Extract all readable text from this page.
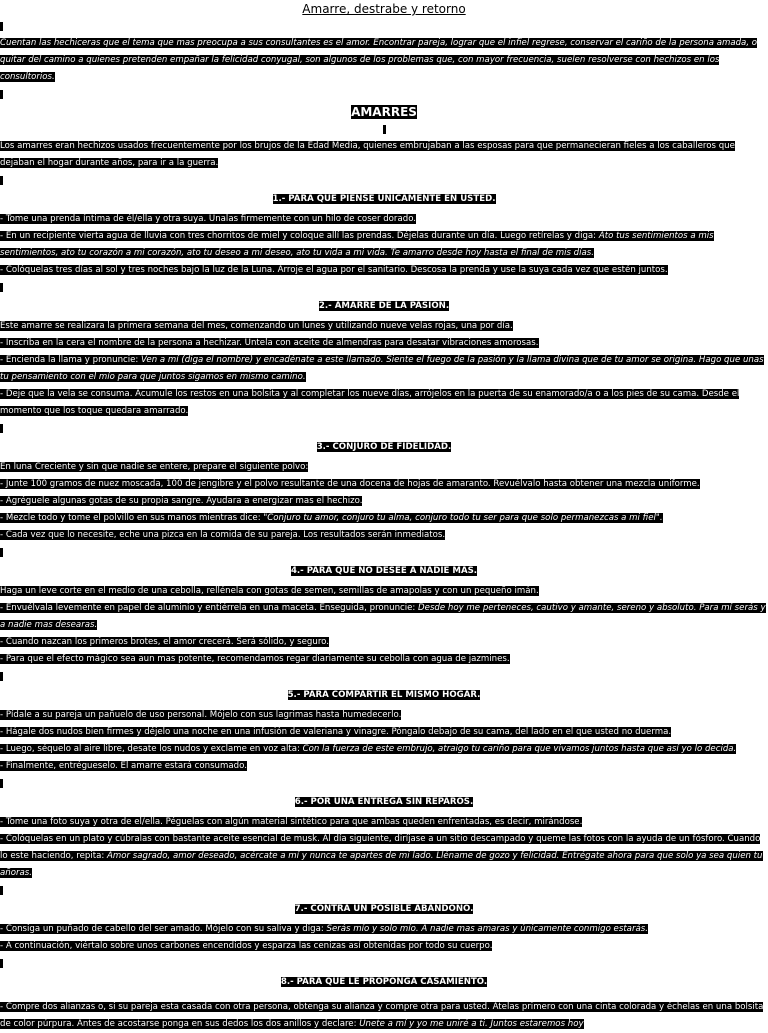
Amarre, destrabe y retorno

Cuentan las hechiceras que el tema que mas preocupa a sus consultantes es el amor. Encontrar pareja, lograr que el infiel regrese, conservar el cariño de la persona amada, o quitar del camino a quienes pretenden empañar la felicidad conyugal, son algunos de los problemas que, con mayor frecuencia, suelen resolverse con hechizos en los consultorios.

AMARRES

Los amarres eran hechizos usados frecuentemente por los brujos de la Edad Media, quienes embrujaban a las esposas para que permanecieran fieles a los caballeros que dejaban el hogar durante años, para ir a la guerra.

1.- PARA QUE PIENSE ÚNICAMENTE EN USTED.

- Tome una prenda íntima de él/ella y otra suya. Unalas firmemente con un hilo de coser dorado.

- En un recipiente vierta agua de lluvia con tres chorritos de miel y coloque allí las prendas. Déjelas durante un día. Luego retírelas y diga: Ato tus sentimientos a mis sentimientos, ato tu corazón a mi corazón, ato tu deseo a mi deseo, ato tu vida a mi vida. Te amarro desde hoy hasta el final de mis días.

- Colóquelas tres días al sol y tres noches bajo la luz de la Luna. Arroje el agua por el sanitario. Descosa la prenda y use la suya cada vez que estén juntos.

2.- AMARRE DE LA PASIÓN.

Este amarre se realizara la primera semana del mes, comenzando un lunes y utilizando nueve velas rojas, una por día.

- Inscriba en la cera el nombre de la persona a hechizar. Untela con aceite de almendras para desatar vibraciones amorosas.

- Encienda la llama y pronuncie: Ven a mí (diga el nombre) y encadénate a este llamado. Siente el fuego de la pasión y la llama divina que de tu amor se origina. Hago que unas tu pensamiento con el mío para que juntos sigamos en mismo camino.

- Deje que la vela se consuma. Acumule los restos en una bolsita y al completar los nueve días, arrójelos en la puerta de su enamorado/a o a los pies de su cama. Desde el momento que los toque quedara amarrado.

3.- CONJURO DE FIDELIDAD.

En luna Creciente y sin que nadie se entere, prepare el siguiente polvo:

- Junte 100 gramos de nuez moscada, 100 de jengibre y el polvo resultante de una docena de hojas de amaranto. Revuélvalo hasta obtener una mezcla uniforme.

- Agréguele algunas gotas de su propia sangre. Ayudara a energizar mas el hechizo.

- Mezcle todo y tome el polvillo en sus manos mientras dice: "Conjuro tu amor, conjuro tu alma, conjuro todo tu ser para que solo permanezcas a mi fiel".

- Cada vez que lo necesite, eche una pizca en la comida de su pareja. Los resultados serán inmediatos.

4.- PARA QUE NO DESEE A NADIE MAS.

Haga un leve corte en el medio de una cebolla, rellénela con gotas de semen, semillas de amapolas y con un pequeño imán.

- Envuélvala levemente en papel de aluminio y entiérrela en una maceta. Enseguida, pronuncie: Desde hoy me perteneces, cautivo y amante, sereno y absoluto. Para mí serás y a nadie mas desearas.

- Cuando nazcan los primeros brotes, el amor crecerá. Será sólido, y seguro.

- Para que el efecto mágico sea aun mas potente, recomendamos regar diariamente su cebolla con agua de jazmines.

5.- PARA COMPARTIR EL MISMO HOGAR.

- Pídale a su pareja un pañuelo de uso personal. Mójelo con sus lagrimas hasta humedecerlo.

- Hágale dos nudos bien firmes y déjelo una noche en una infusión de valeriana y vinagre. Póngalo debajo de su cama, del lado en el que usted no duerma.

- Luego, séquelo al aire libre, desate los nudos y exclame en voz alta: Con la fuerza de este embrujo, atraigo tu cariño para que vivamos juntos hasta que así yo lo decida.

- Finalmente, entrégueselo. El amarre estará consumado.

6.- POR UNA ENTREGA SIN REPAROS.

- Tome una foto suya y otra de el/ella. Péguelas con algún material sintético para que ambas queden enfrentadas, es decir, mirándose.

- Colóquelas en un plato y cúbralas con bastante aceite esencial de musk. Al día siguiente, diríjase a un sitio descampado y queme las fotos con la ayuda de un fósforo. Cuando lo este haciendo, repita: Amor sagrado, amor deseado, acércate a mí y nunca te apartes de mi lado. Lléname de gozo y felicidad. Entrégate ahora para que solo ya sea quien tu añoras.

7.- CONTRA UN POSIBLE ABANDONO.

- Consiga un puñado de cabello del ser amado. Mójelo con su saliva y diga: Serás mío y solo mío. A nadie mas amaras y únicamente conmigo estarás.

- A continuación, viértalo sobre unos carbones encendidos y esparza las cenizas así obtenidas por todo su cuerpo.

8.- PARA QUE LE PROPONGA CASAMIENTO.

- Compre dos alianzas o, si su pareja esta casada con otra persona, obtenga su alianza y compre otra para usted. Atelas primero con una cinta colorada y échelas en una bolsita de color púrpura. Antes de acostarse ponga en sus dedos los dos anillos y declare: Únete a mí y yo me uniré a ti. Juntos estaremos hoy
